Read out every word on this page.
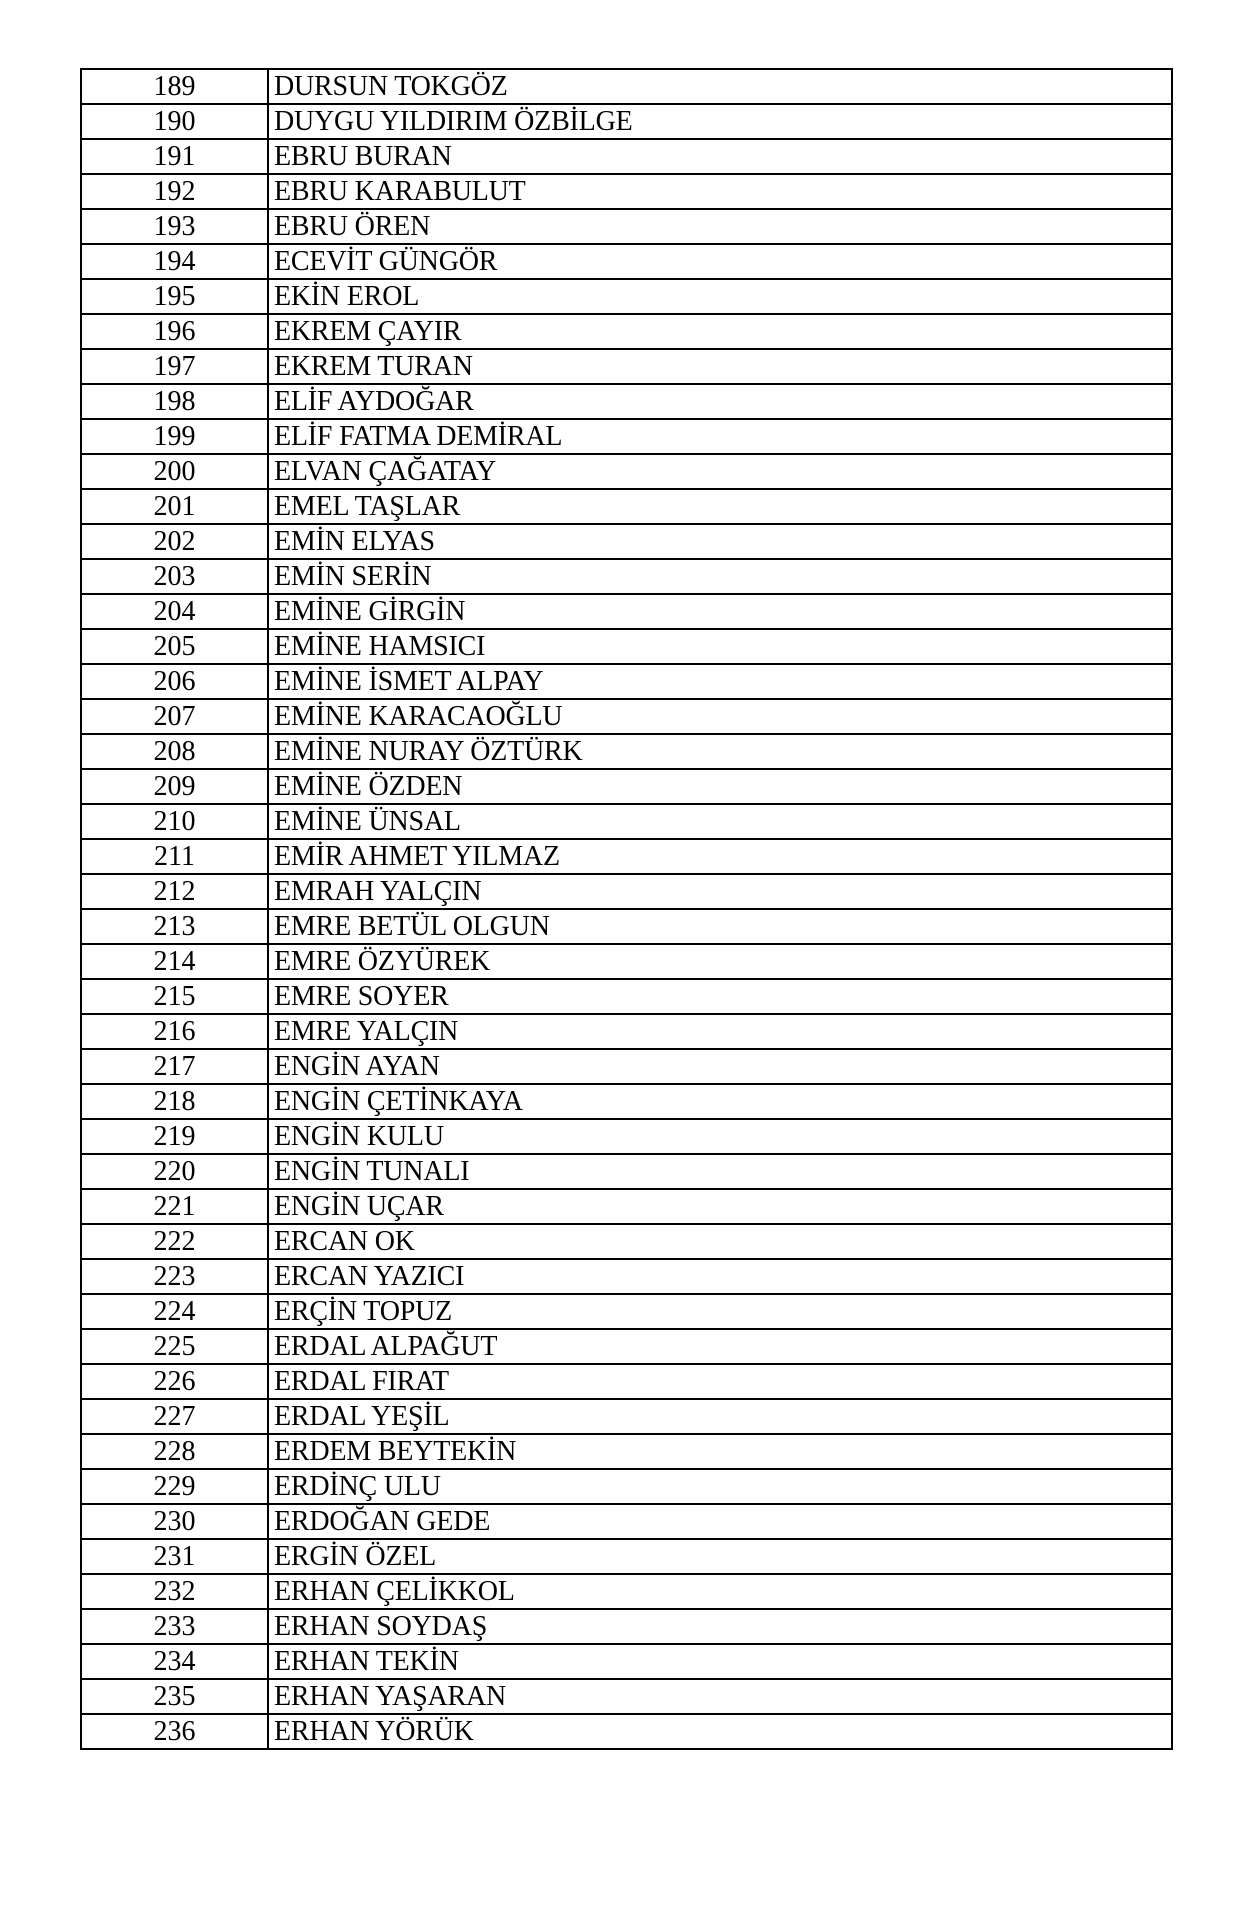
189	DURSUN TOKGÖZ
190	DUYGU YILDIRIM ÖZBİLGE
191	EBRU BURAN
192	EBRU KARABULUT
193	EBRU ÖREN
194	ECEVİT GÜNGÖR
195	EKİN EROL
196	EKREM ÇAYIR
197	EKREM TURAN
198	ELİF AYDOĞAR
199	ELİF FATMA DEMİRAL
200	ELVAN ÇAĞATAY
201	EMEL TAŞLAR
202	EMİN ELYAS
203	EMİN SERİN
204	EMİNE GİRGİN
205	EMİNE HAMSICI
206	EMİNE İSMET ALPAY
207	EMİNE KARACAOĞLU
208	EMİNE NURAY ÖZTÜRK
209	EMİNE ÖZDEN
210	EMİNE ÜNSAL
211	EMİR AHMET YILMAZ
212	EMRAH YALÇIN
213	EMRE BETÜL OLGUN
214	EMRE ÖZYÜREK
215	EMRE SOYER
216	EMRE YALÇIN
217	ENGİN AYAN
218	ENGİN ÇETİNKAYA
219	ENGİN KULU
220	ENGİN TUNALI
221	ENGİN UÇAR
222	ERCAN OK
223	ERCAN YAZICI
224	ERÇİN TOPUZ
225	ERDAL ALPAĞUT
226	ERDAL FIRAT
227	ERDAL YEŞİL
228	ERDEM BEYTEKİN
229	ERDİNÇ ULU
230	ERDOĞAN GEDE
231	ERGİN ÖZEL
232	ERHAN ÇELİKKOL
233	ERHAN SOYDAŞ
234	ERHAN TEKİN
235	ERHAN YAŞARAN
236	ERHAN YÖRÜK
